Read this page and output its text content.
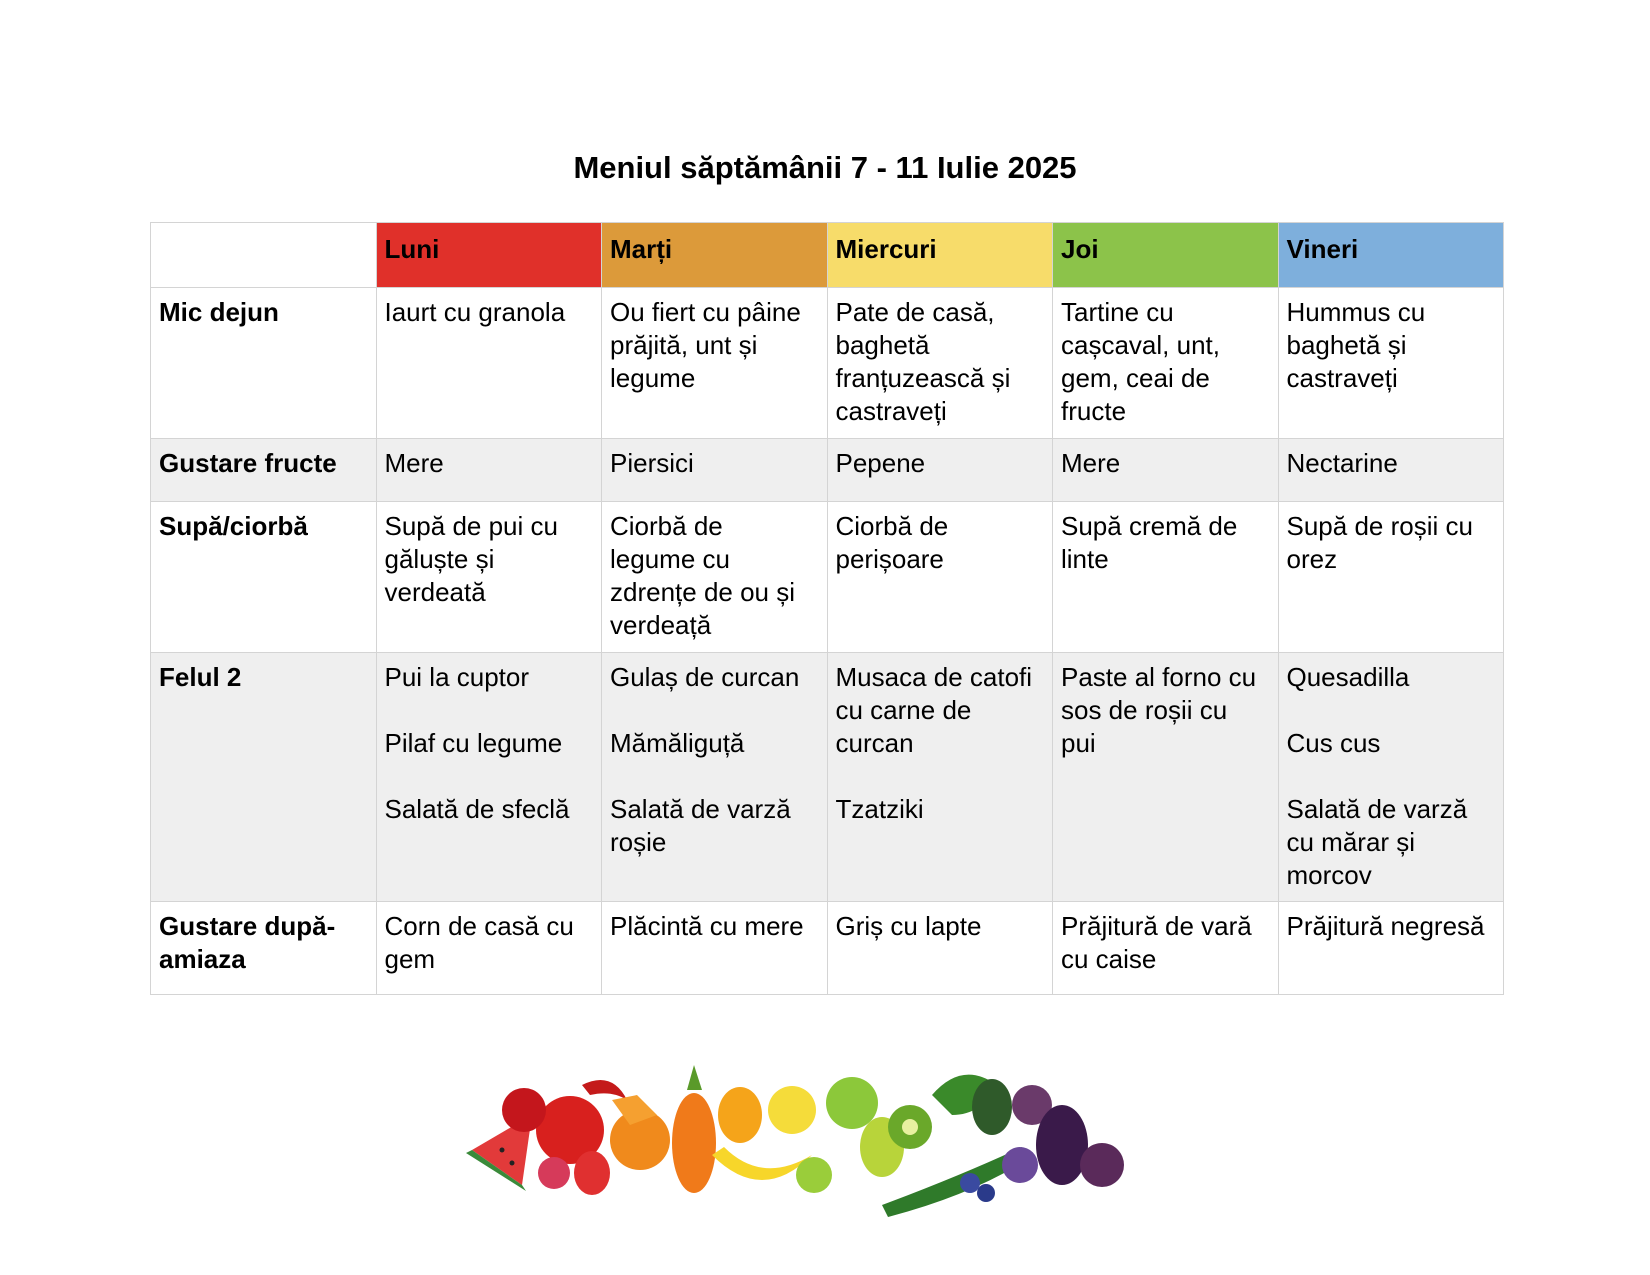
Meniul săptămânii 7 - 11 Iulie 2025
	Luni	Marți	Miercuri	Joi	Vineri
Mic dejun	Iaurt cu granola	Ou fiert cu pâine
prăjită, unt și
legume	Pate de casă,
baghetă
franțuzească și
castraveți	Tartine cu
cașcaval, unt,
gem, ceai de
fructe	Hummus cu
baghetă și
castraveți

Gustare fructe	Mere	Piersici	Pepene	Mere	Nectarine

Supă/ciorbă	Supă de pui cu
găluște și
verdeată	Ciorbă de
legume cu
zdrențe de ou și
verdeață	Ciorbă de
perișoare	Supă cremă de
linte	Supă de roșii cu
orez

Felul 2	Pui la cuptor
Pilaf cu legume
Salată de sfeclă	Gulaș de curcan
Mămăliguță
Salată de varză
roșie	Musaca de catofi
cu carne de
curcan
Tzatziki	Paste al forno cu
sos de roșii cu
pui	Quesadilla
Cus cus
Salată de varză
cu mărar și
morcov

Gustare după-
amiaza	Corn de casă cu
gem	Plăcintă cu mere	Griș cu lapte	Prăjitură de vară
cu caise	Prăjitură negresă
